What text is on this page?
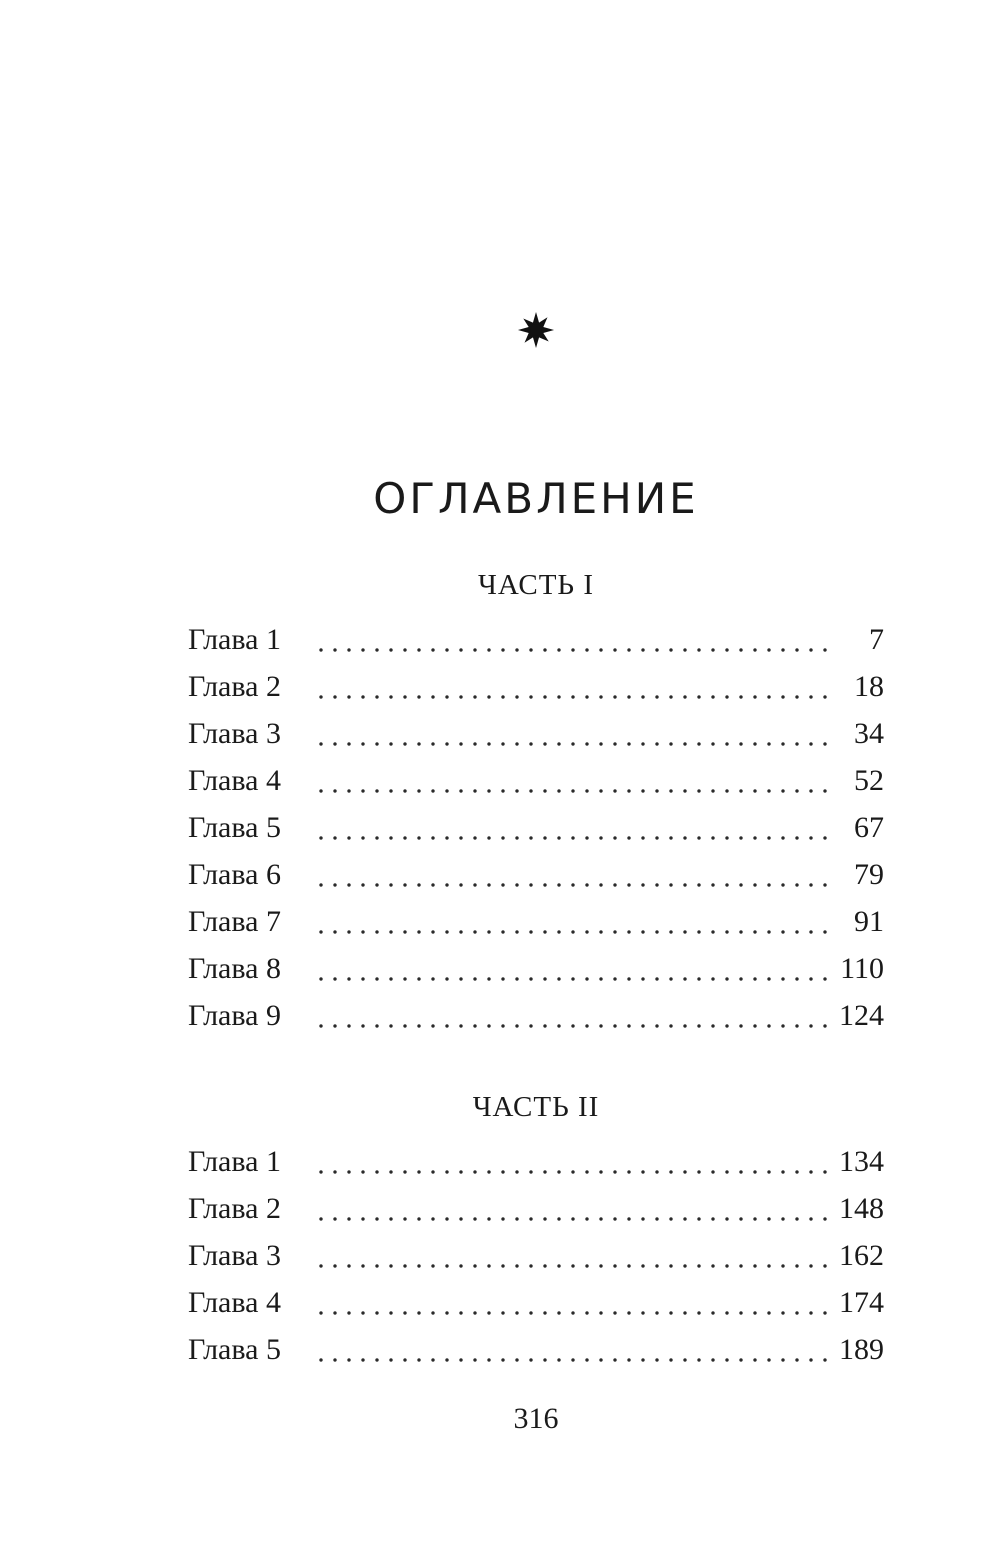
ОГЛАВЛЕНИЕ
ЧАСТЬ I
Глава 1	7
Глава 2	18
Глава 3	34
Глава 4	52
Глава 5	67
Глава 6	79
Глава 7	91
Глава 8	110
Глава 9	124
ЧАСТЬ II
Глава 1	134
Глава 2	148
Глава 3	162
Глава 4	174
Глава 5	189
316
